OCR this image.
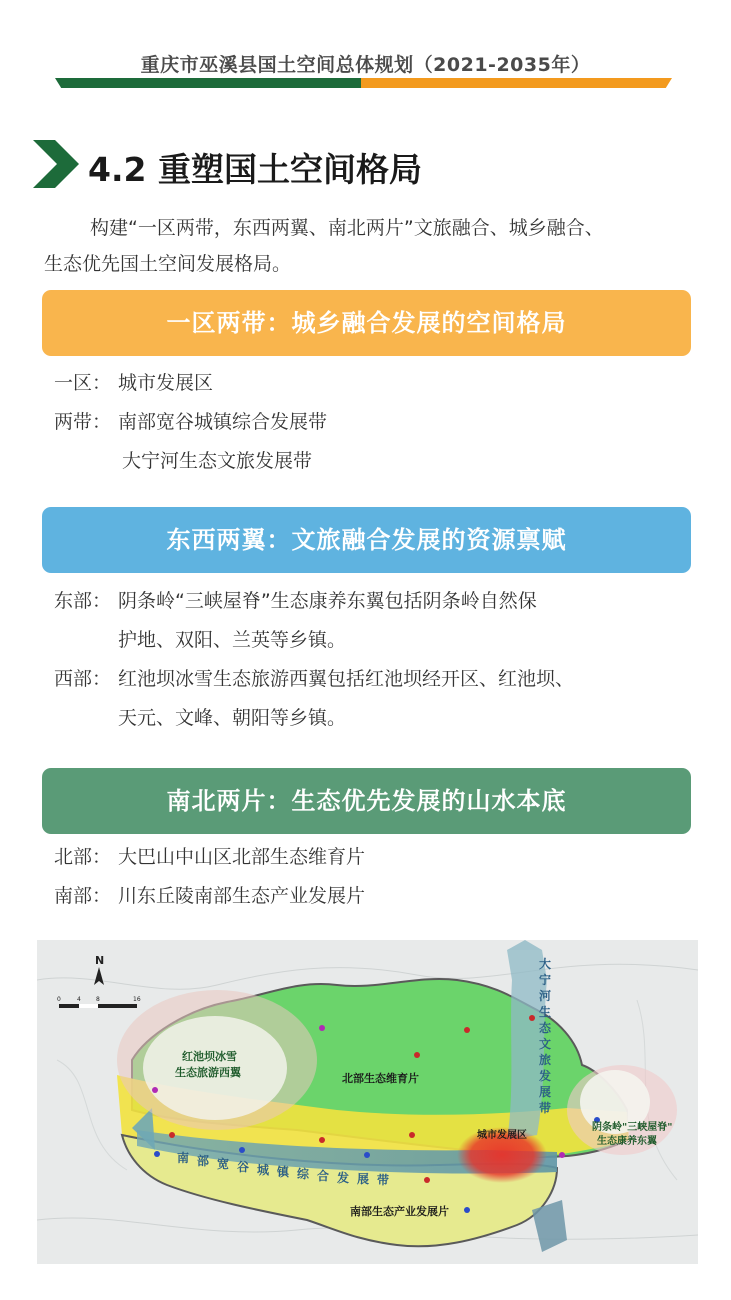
重庆市巫溪县国土空间总体规划（2021-2035年）
4.2 重塑国土空间格局
构建“一区两带，东西两翼、南北两片”文旅融合、城乡融合、
生态优先国土空间发展格局。
一区两带：城乡融合发展的空间格局
一区： 城市发展区
两带： 南部宽谷城镇综合发展带
大宁河生态文旅发展带
东西两翼：文旅融合发展的资源禀赋
东部： 阴条岭“三峡屋脊”生态康养东翼包括阴条岭自然保
护地、双阳、兰英等乡镇。
西部： 红池坝冰雪生态旅游西翼包括红池坝经开区、红池坝、
天元、文峰、朝阳等乡镇。
南北两片：生态优先发展的山水本底
北部： 大巴山中山区北部生态维育片
南部： 川东丘陵南部生态产业发展片
N
0	4	8	16
红池坝冰雪
生态旅游西翼	北部生态维育片
南部生态产业发展片
城市发展区
阴条岭"三峡屋脊"
生态康养东翼
大
宁
河
生
态
文
旅
发
展
带
南 部 宽 谷 城 镇 综 合 发 展 带
